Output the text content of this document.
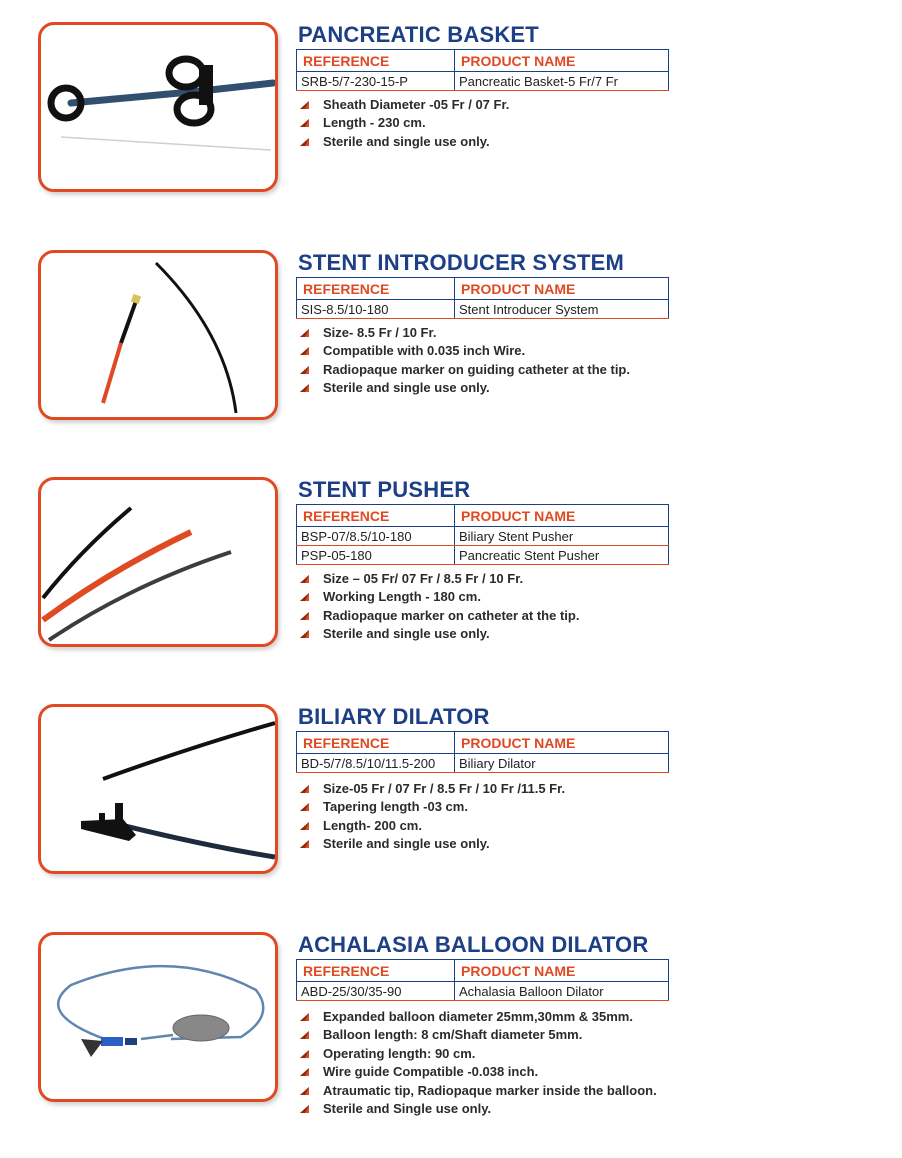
PANCREATIC BASKET
REFERENCE	PRODUCT NAME
SRB-5/7-230-15-P	Pancreatic Basket-5 Fr/7 Fr
Sheath Diameter -05 Fr / 07 Fr.
Length - 230 cm.
Sterile and single use only.
STENT INTRODUCER SYSTEM
REFERENCE	PRODUCT NAME
SIS-8.5/10-180	Stent Introducer System
Size- 8.5 Fr / 10 Fr.
Compatible with 0.035 inch Wire.
Radiopaque marker on guiding catheter at the tip.
Sterile and single use only.
STENT PUSHER
REFERENCE	PRODUCT NAME
BSP-07/8.5/10-180	Biliary Stent Pusher
PSP-05-180	Pancreatic Stent Pusher
Size – 05 Fr/ 07 Fr / 8.5 Fr / 10 Fr.
Working Length - 180 cm.
Radiopaque marker on catheter at the tip.
Sterile and single use only.
BILIARY DILATOR
REFERENCE	PRODUCT NAME
BD-5/7/8.5/10/11.5-200	Biliary Dilator
Size-05 Fr / 07 Fr / 8.5 Fr / 10 Fr /11.5 Fr.
Tapering length -03 cm.
Length- 200 cm.
Sterile and single use only.
ACHALASIA BALLOON DILATOR
REFERENCE	PRODUCT NAME
ABD-25/30/35-90	Achalasia Balloon Dilator
Expanded balloon diameter 25mm,30mm & 35mm.
Balloon length: 8 cm/Shaft diameter 5mm.
Operating length: 90 cm.
Wire guide Compatible -0.038 inch.
Atraumatic tip, Radiopaque marker inside the balloon.
Sterile and Single use only.
